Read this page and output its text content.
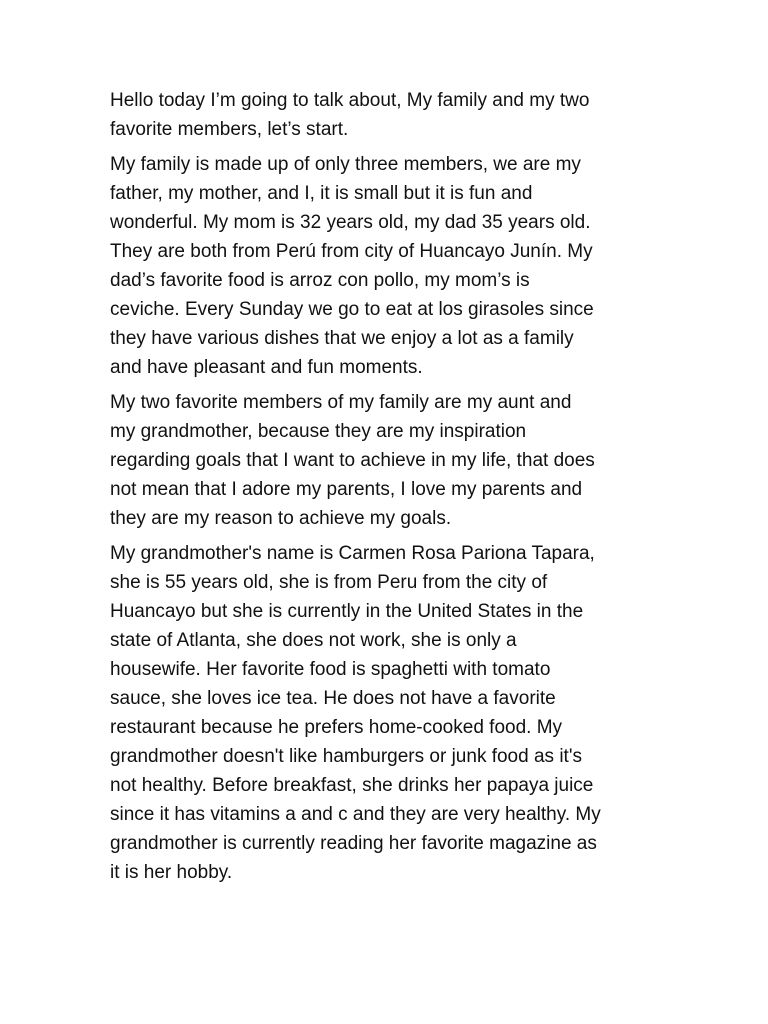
Hello today I’m going to talk about, My family and my two
favorite members, let’s start.

My family is made up of only three members, we are my
father, my mother, and I, it is small but it is fun and
wonderful. My mom is 32 years old, my dad 35 years old.
They are both from Perú from city of Huancayo Junín. My
dad’s favorite food is arroz con pollo, my mom’s is
ceviche. Every Sunday we go to eat at los girasoles since
they have various dishes that we enjoy a lot as a family
and have pleasant and fun moments.

My two favorite members of my family are my aunt and
my grandmother, because they are my inspiration
regarding goals that I want to achieve in my life, that does
not mean that I adore my parents, I love my parents and
they are my reason to achieve my goals.

My grandmother's name is Carmen Rosa Pariona Tapara,
she is 55 years old, she is from Peru from the city of
Huancayo but she is currently in the United States in the
state of Atlanta, she does not work, she is only a
housewife. Her favorite food is spaghetti with tomato
sauce, she loves ice tea. He does not have a favorite
restaurant because he prefers home-cooked food. My
grandmother doesn't like hamburgers or junk food as it's
not healthy. Before breakfast, she drinks her papaya juice
since it has vitamins a and c and they are very healthy. My
grandmother is currently reading her favorite magazine as
it is her hobby.
